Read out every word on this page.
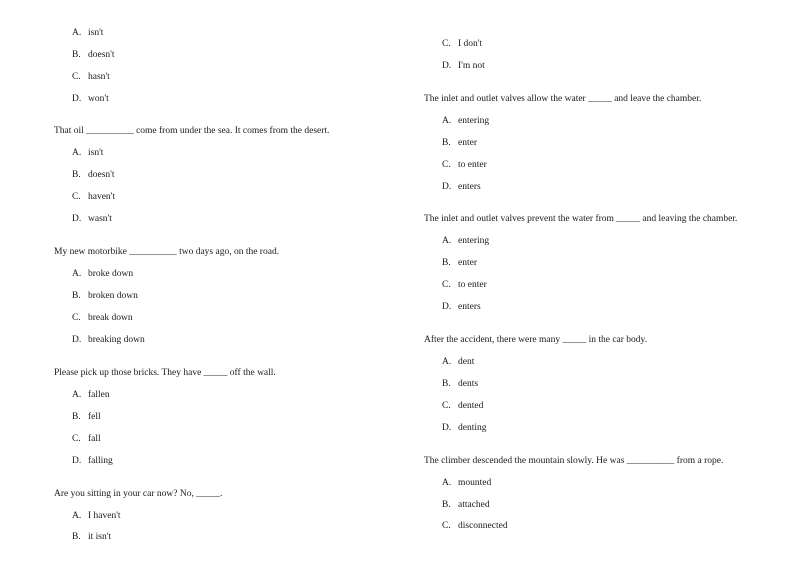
A. isn't
B. doesn't
C. hasn't
D. won't
That oil __________ come from under the sea. It comes from the desert.
A. isn't
B. doesn't
C. haven't
D. wasn't
My new motorbike __________ two days ago, on the road.
A. broke down
B. broken down
C. break down
D. breaking down
Please pick up those bricks. They have _____ off the wall.
A. fallen
B. fell
C. fall
D. falling
Are you sitting in your car now? No, _____.
A. I haven't
B. it isn't
C. I don't
D. I'm not
The inlet and outlet valves allow the water _____ and leave the chamber.
A. entering
B. enter
C. to enter
D. enters
The inlet and outlet valves prevent the water from _____ and leaving the chamber.
A. entering
B. enter
C. to enter
D. enters
After the accident, there were many _____ in the car body.
A. dent
B. dents
C. dented
D. denting
The climber descended the mountain slowly. He was __________ from a rope.
A. mounted
B. attached
C. disconnected
